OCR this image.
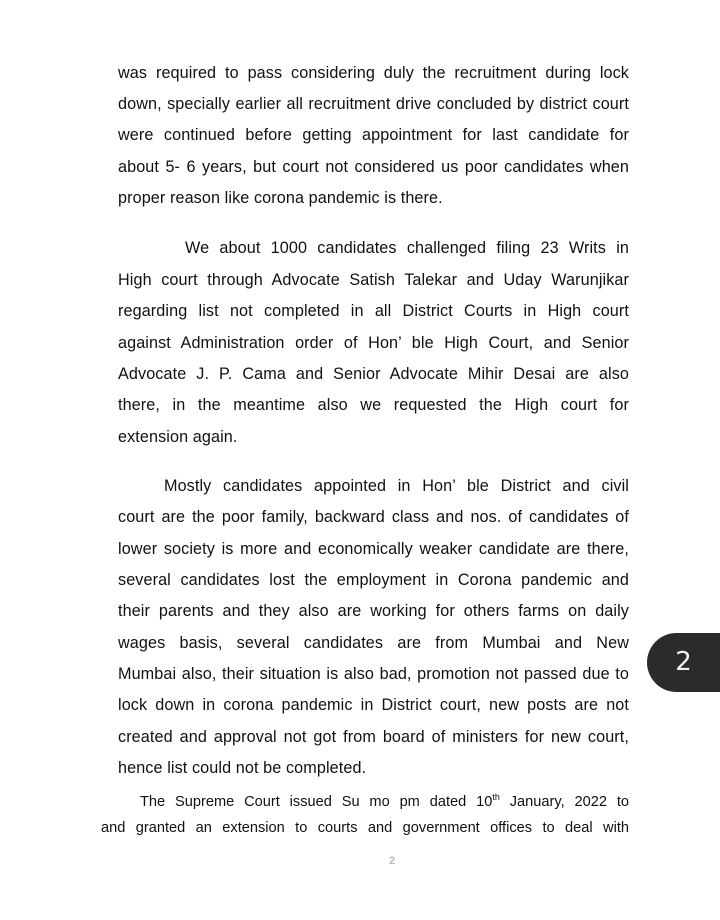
was required to pass considering duly the recruitment during lock
down, specially earlier all recruitment drive concluded by district court
were continued before getting appointment for last candidate for
about 5- 6 years, but court not considered us poor candidates when
proper reason like corona pandemic is there.
We about 1000 candidates challenged filing 23 Writs in
High court through Advocate Satish Talekar and Uday Warunjikar
regarding list not completed in all District Courts in High court
against Administration order of Hon’ ble High Court, and Senior
Advocate J. P. Cama and Senior Advocate Mihir Desai are also
there, in the meantime also we requested the High court for
extension again.
Mostly candidates appointed in Hon’ ble District and civil
court are the poor family, backward class and nos. of candidates of
lower society is more and economically weaker candidate are there,
several candidates lost the employment in Corona pandemic and
their parents and they also are working for others farms on daily
wages basis, several candidates are from Mumbai and New
Mumbai also, their situation is also bad, promotion not passed due to
lock down in corona pandemic in District court, new posts are not
created and approval not got from board of ministers for new court,
hence list could not be completed.
The Supreme Court issued Su mo pm dated 10th January, 2022 to
and granted an extension to courts and government offices to deal with
2
2
